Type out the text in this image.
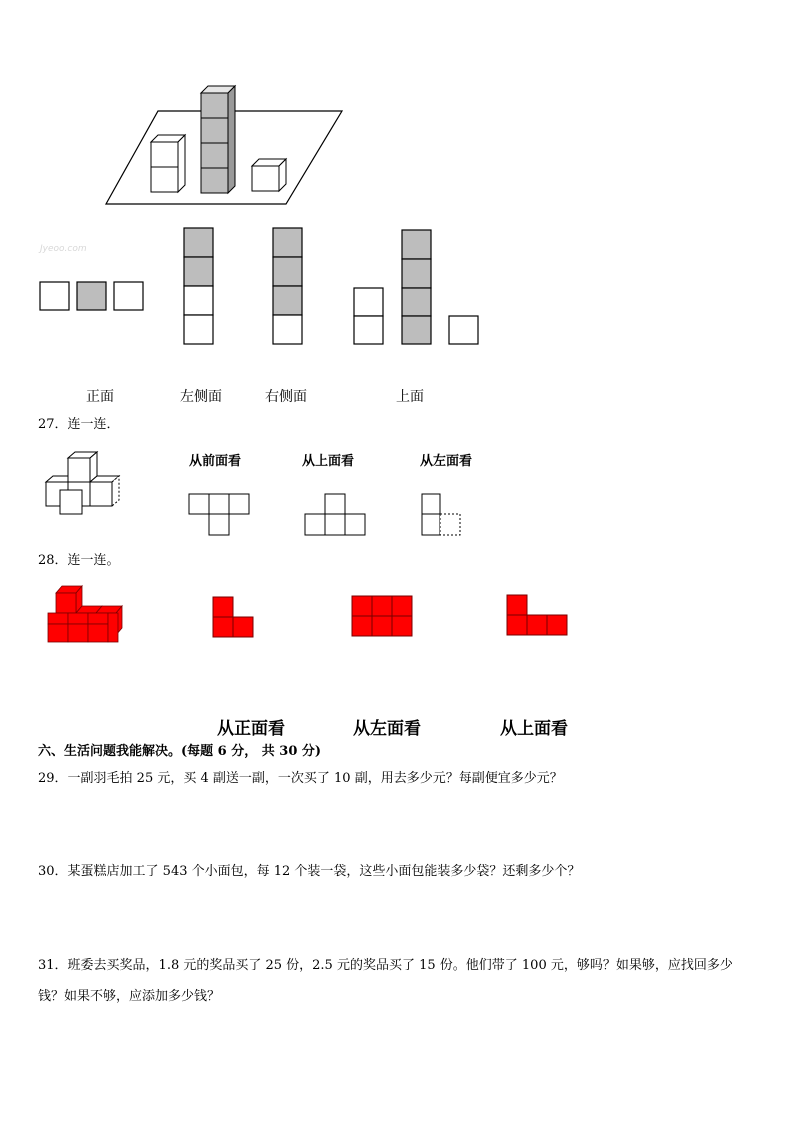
Jyeoo.com
正面	左侧面	右侧面	上面
27．连一连．
从前面看	从上面看	从左面看
28．连一连。
从正面看	从左面看	从上面看
六、生活问题我能解决。(每题 6 分， 共 30 分)
29．一副羽毛拍 25 元，买 4 副送一副，一次买了 10 副，用去多少元？每副便宜多少元？
30．某蛋糕店加工了 543 个小面包，每 12 个装一袋，这些小面包能装多少袋？还剩多少个？
31．班委去买奖品，1.8 元的奖品买了 25 份，2.5 元的奖品买了 15 份。他们带了 100 元，够吗？如果够，应找回多少
钱？如果不够，应添加多少钱？
